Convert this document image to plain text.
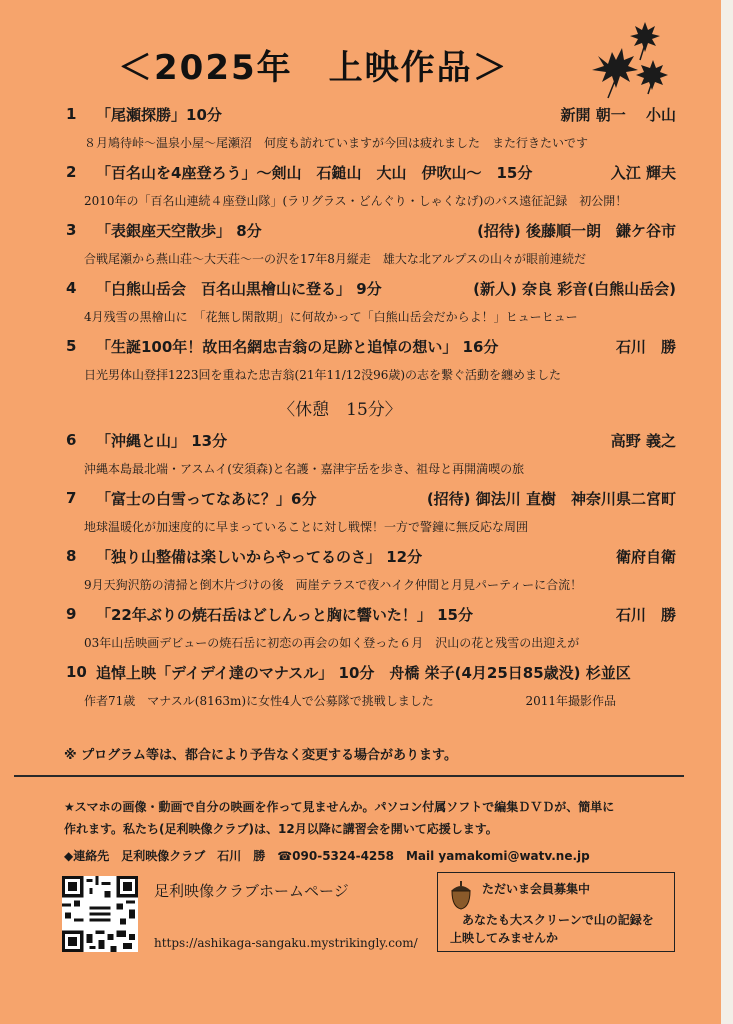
＜2025年　上映作品＞
1 「尾瀬探勝」10分	新開 朝一　 小山
８月鳩待峠～温泉小屋～尾瀬沼　何度も訪れていますが今回は疲れました　また行きたいです
2 「百名山を4座登ろう」～剣山　石鎚山　大山　伊吹山～　15分	入江 輝夫
2010年の「百名山連続４座登山隊」(ラリグラス・どんぐり・しゃくなげ)のバス遠征記録　初公開！
3 「表銀座天空散歩」 8分	(招待) 後藤順一朗　鎌ケ谷市
合戦尾瀬から燕山荘～大天荘～一の沢を17年8月縦走　雄大な北アルプスの山々が眼前連続だ
4 「白熊山岳会　百名山黒檜山に登る」 9分	(新人) 奈良 彩音(白熊山岳会)
4月残雪の黒檜山に　「花無し閑散期」に何故かって「白熊山岳会だからよ！」ヒューヒュー
5 「生誕100年！故田名網忠吉翁の足跡と追悼の想い」 16分	石川　勝
日光男体山登拝1223回を重ねた忠吉翁(21年11/12没96歳)の志を繋ぐ活動を纏めました
〈休憩　15分〉
6 「沖縄と山」 13分	高野 義之
沖縄本島最北端・アスムイ(安須森)と名護・嘉津宇岳を歩き、祖母と再開満喫の旅
7 「富士の白雪ってなあに？」6分	(招待) 御法川 直樹　神奈川県二宮町
地球温暖化が加速度的に早まっていることに対し戦慄！一方で警鐘に無反応な周囲
8 「独り山整備は楽しいからやってるのさ」 12分	衛府自衛
9月天狗沢筋の清掃と倒木片づけの後　両崖テラスで夜ハイク仲間と月見パーティーに合流！
9 「22年ぶりの焼石岳はどしんっと胸に響いた！」 15分	石川　勝
03年山岳映画デビューの焼石岳に初恋の再会の如く登った６月　沢山の花と残雪の出迎えが
10 追悼上映「デイデイ達のマナスル」 10分　舟橋 栄子(4月25日85歳没) 杉並区
作者71歳　マナスル(8163m)に女性4人で公募隊で挑戦しました	2011年撮影作品
※ プログラム等は、都合により予告なく変更する場合があります。
★スマホの画像・動画で自分の映画を作って見ませんか。パソコン付属ソフトで編集ＤＶＤが、簡単に
作れます。私たち(足利映像クラブ)は、12月以降に講習会を開いて応援します。
◆連絡先　足利映像クラブ　石川　勝　☎090-5324-4258　Mail yamakomi@watv.ne.jp
足利映像クラブホームページ
https://ashikaga-sangaku.mystrikingly.com/
ただいま会員募集中
あなたも大スクリーンで山の記録を
上映してみませんか
